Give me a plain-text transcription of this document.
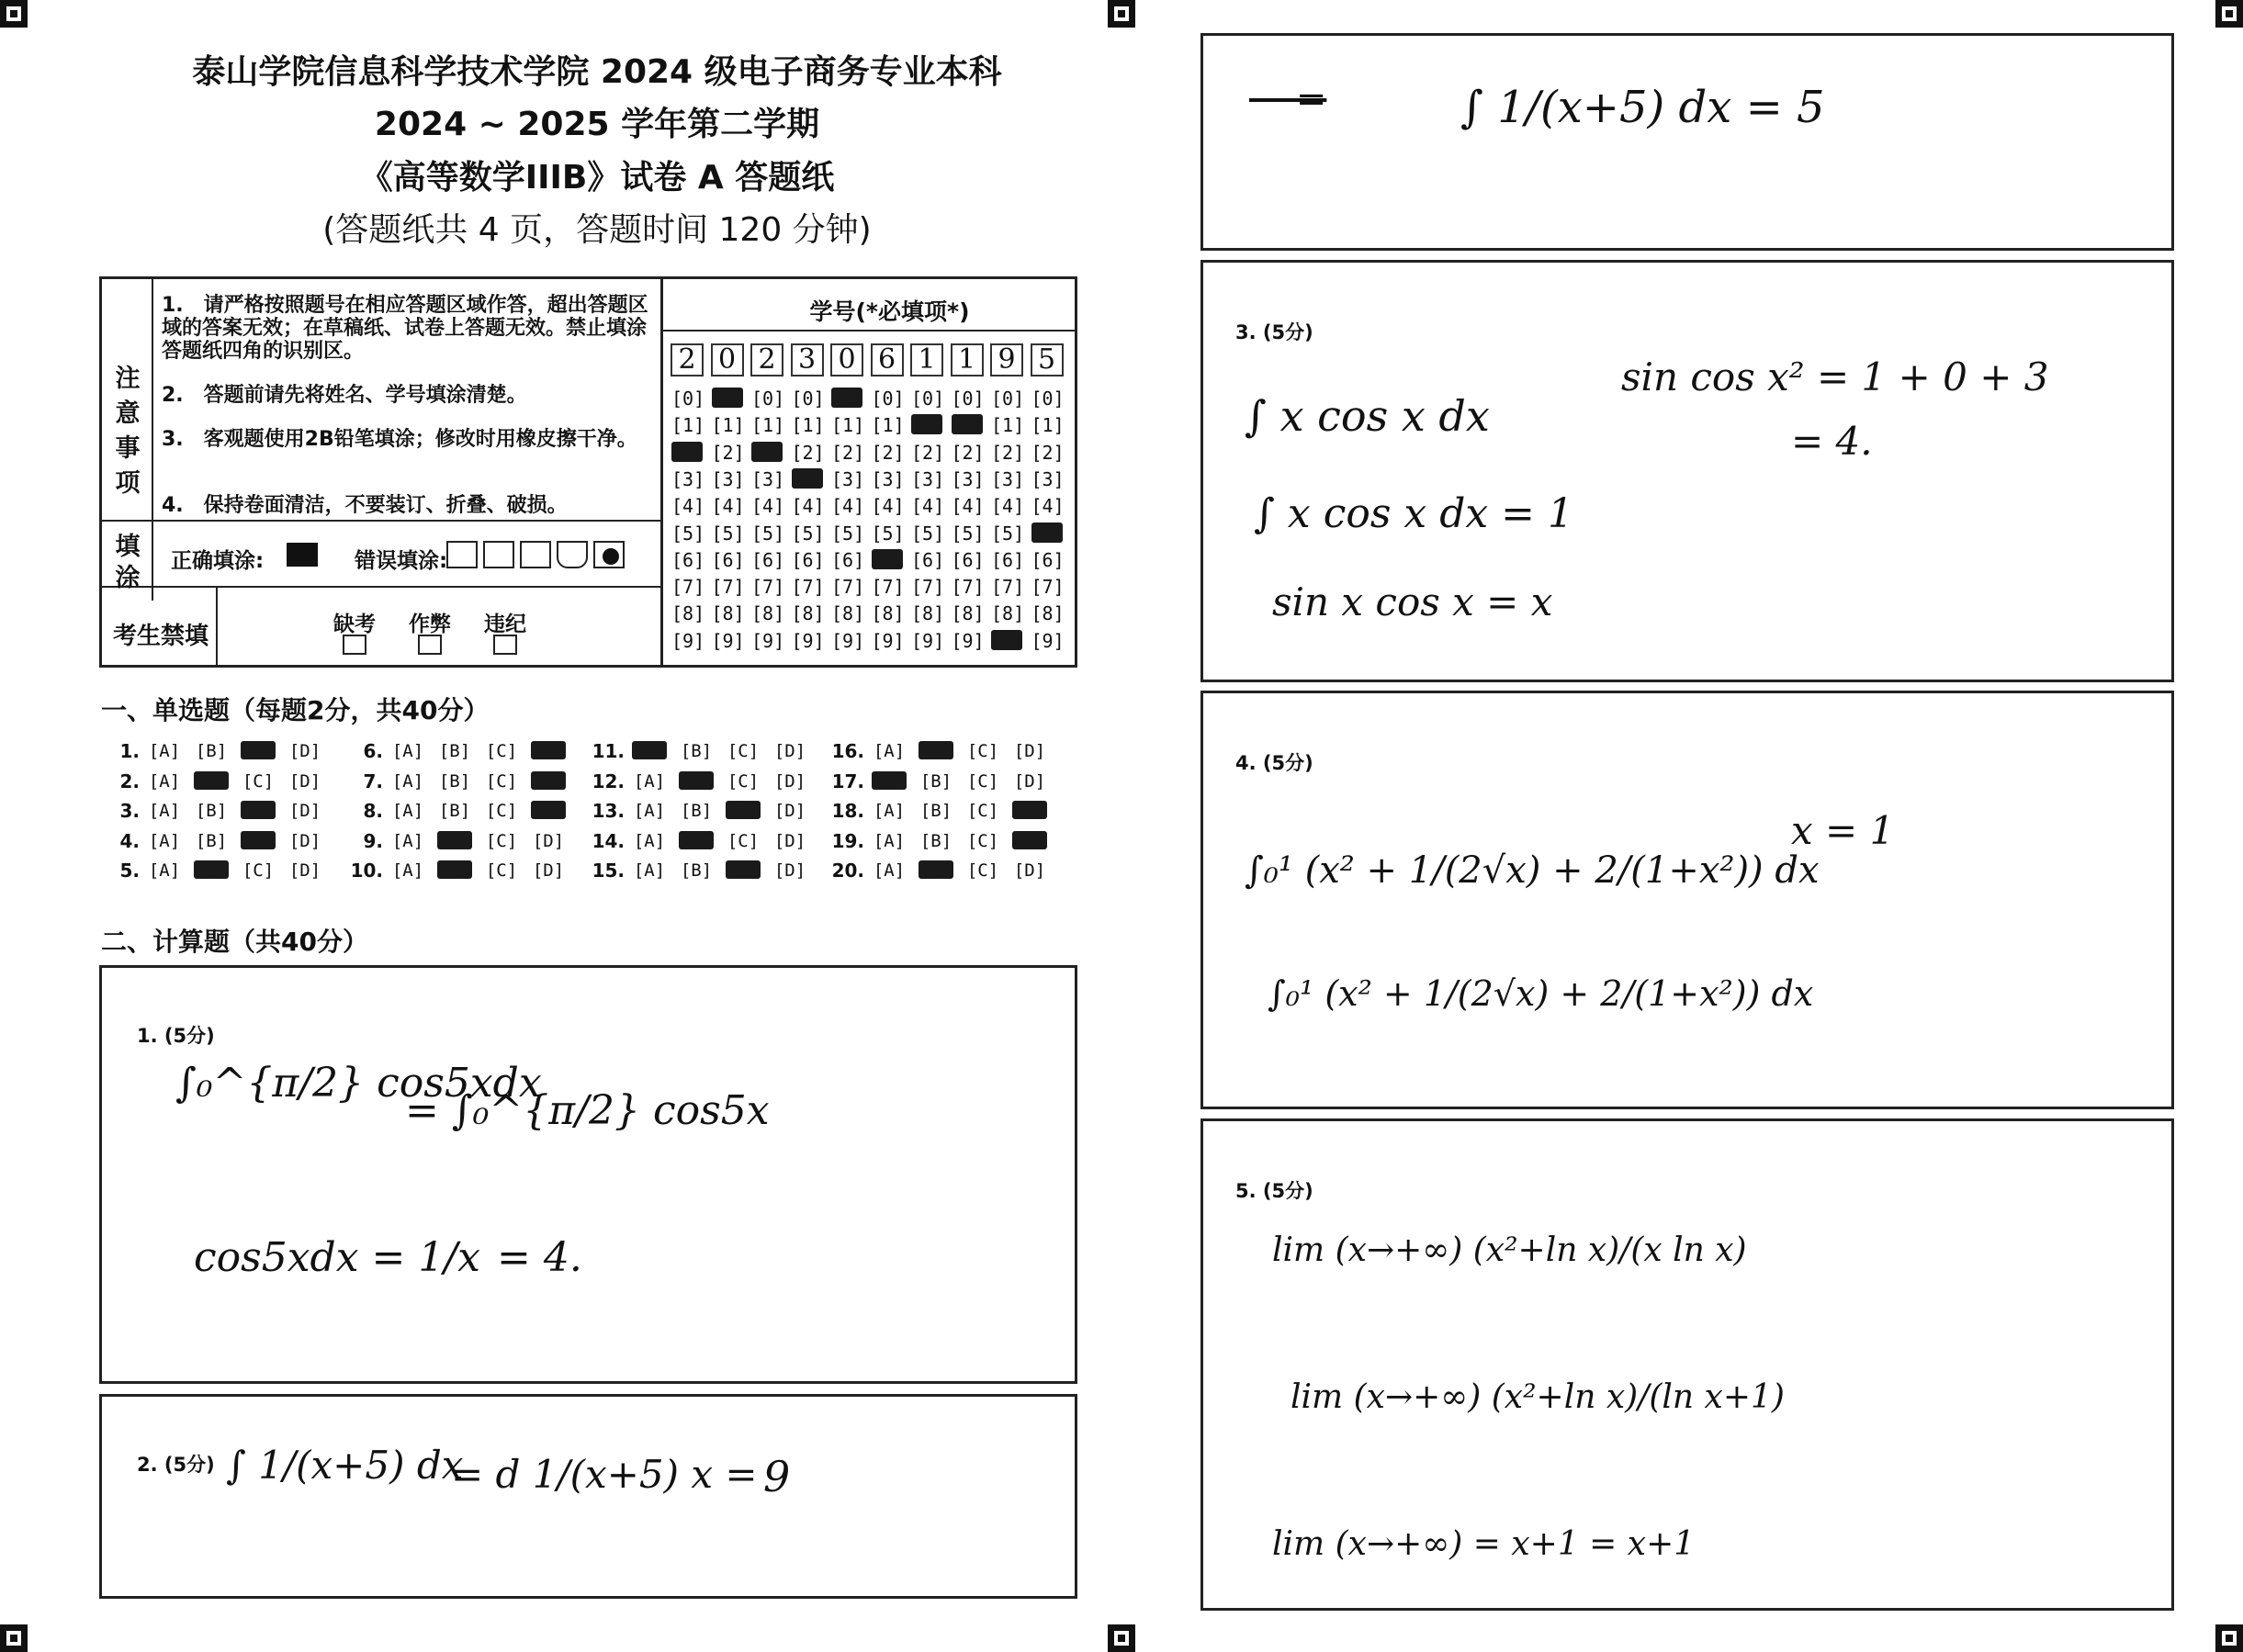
泰山学院信息科学技术学院 2024 级电子商务专业本科
2024 ~ 2025 学年第二学期
《高等数学IIIB》试卷 A 答题纸
(答题纸共 4 页，答题时间 120 分钟)
注意事项
1.　请严格按照题号在相应答题区域作答，超出答题区域的答案无效；在草稿纸、试卷上答题无效。禁止填涂答题纸四角的识别区。
2.　答题前请先将姓名、学号填涂清楚。
3.　客观题使用2B铅笔填涂；修改时用橡皮擦干净。
4.　保持卷面清洁，不要装订、折叠、破损。
填涂
正确填涂:	错误填涂:
考生禁填	缺考	作弊	违纪
学号(*必填项*)
2 0 2 3 0 6 1 1 9 5
[0] [0] [0] [0] [0] [0] [0] [0] [0] [0]
[1] [1] [1] [1] [1] [1] [1] [1] [1] [1]
[2] [2] [2] [2] [2] [2] [2] [2] [2] [2]
[3] [3] [3] [3] [3] [3] [3] [3] [3] [3]
[4] [4] [4] [4] [4] [4] [4] [4] [4] [4]
[5] [5] [5] [5] [5] [5] [5] [5] [5] [5]
[6] [6] [6] [6] [6] [6] [6] [6] [6] [6]
[7] [7] [7] [7] [7] [7] [7] [7] [7] [7]
[8] [8] [8] [8] [8] [8] [8] [8] [8] [8]
[9] [9] [9] [9] [9] [9] [9] [9] [9] [9]
一、单选题（每题2分，共40分）
1. [A] [B] [C] [D]
2. [A] [B] [C] [D]
3. [A] [B] [C] [D]
4. [A] [B] [C] [D]
5. [A] [B] [C] [D]
6. [A] [B] [C] [D]
7. [A] [B] [C] [D]
8. [A] [B] [C] [D]
9. [A] [B] [C] [D]
10. [A] [B] [C] [D]
11. [A] [B] [C] [D]
12. [A] [B] [C] [D]
13. [A] [B] [C] [D]
14. [A] [B] [C] [D]
15. [A] [B] [C] [D]
16. [A] [B] [C] [D]
17. [A] [B] [C] [D]
18. [A] [B] [C] [D]
19. [A] [B] [C] [D]
20. [A] [B] [C] [D]
二、计算题（共40分）
1. (5分)
∫₀^{π/2} cos5xdx
= ∫₀^{π/2} cos5x
cos5xdx = 1/x = 4.
2. (5分) ∫ 1/(x+5) dx
= d 1/(x+5) x = 9
=	∫ 1/(x+5) dx = 5
3. (5分)
∫ x cos x dx
∫ x cos x dx = 1
sin x cos x = x
sin cos x² = 1 + 0 + 3
= 4.
4. (5分)
∫₀¹ (x² + 1/(2√x) + 2/(1+x²)) dx
x = 1
∫₀¹ (x² + 1/(2√x) + 2/(1+x²)) dx
5. (5分)
lim (x→+∞) (x²+ln x)/(x ln x)
lim (x→+∞) (x²+ln x)/(ln x+1)
lim (x→+∞) = x+1 = x+1
